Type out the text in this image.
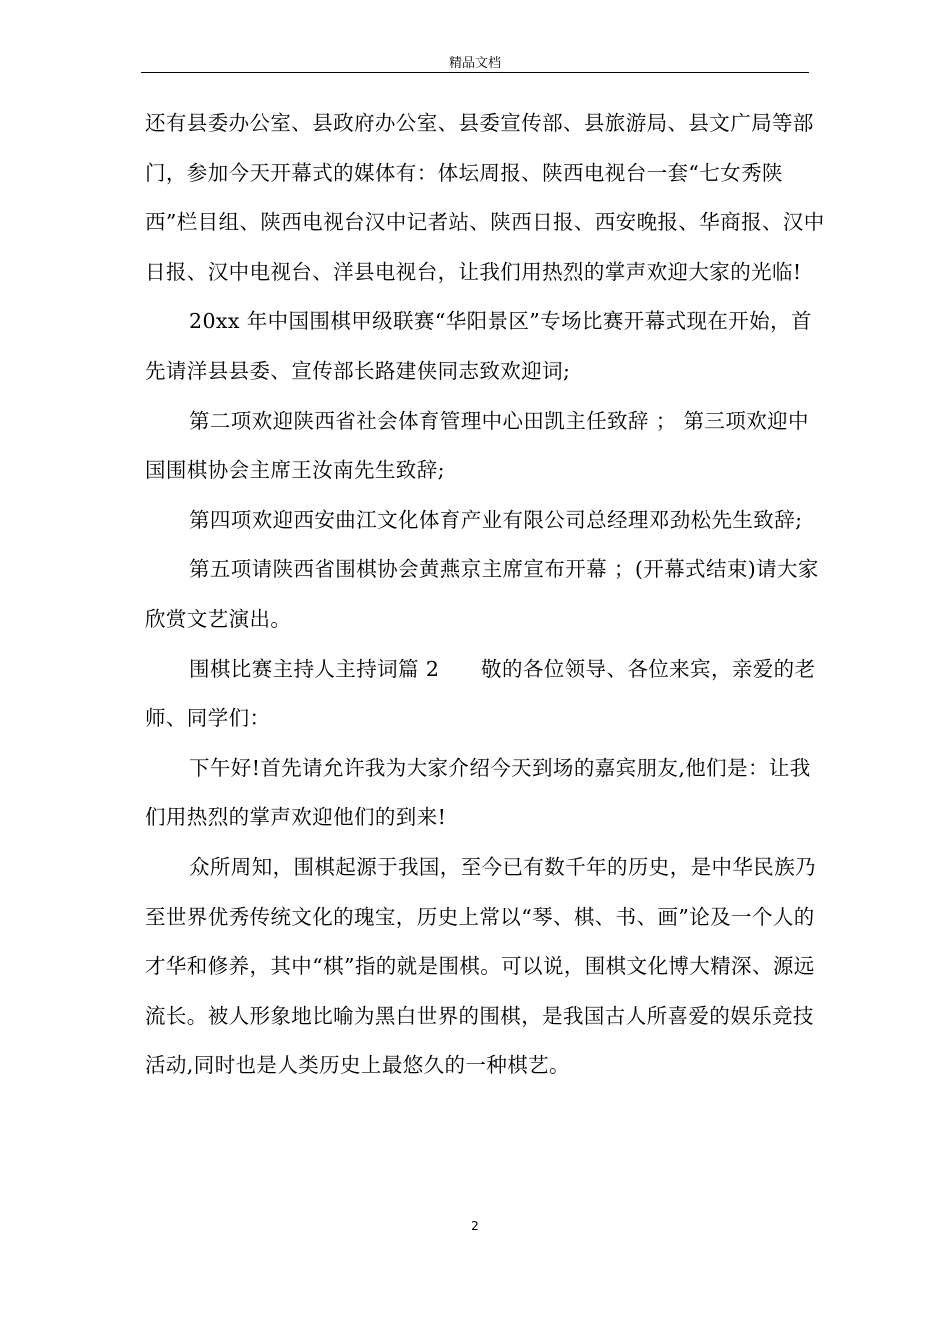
精品文档

还有县委办公室、县政府办公室、县委宣传部、县旅游局、县文广局等部门，参加今天开幕式的媒体有：体坛周报、陕西电视台一套“七女秀陕西”栏目组、陕西电视台汉中记者站、陕西日报、西安晚报、华商报、汉中日报、汉中电视台、洋县电视台，让我们用热烈的掌声欢迎大家的光临!

20xx 年中国围棋甲级联赛“华阳景区”专场比赛开幕式现在开始，首先请洋县县委、宣传部长路建侠同志致欢迎词;

第二项欢迎陕西省社会体育管理中心田凯主任致辞 ； 第三项欢迎中国围棋协会主席王汝南先生致辞;

第四项欢迎西安曲江文化体育产业有限公司总经理邓劲松先生致辞;

第五项请陕西省围棋协会黄燕京主席宣布开幕 ；(开幕式结束)请大家欣赏文艺演出。

围棋比赛主持人主持词篇 2　　敬的各位领导、各位来宾，亲爱的老师、同学们：

下午好!首先请允许我为大家介绍今天到场的嘉宾朋友,他们是：让我们用热烈的掌声欢迎他们的到来!

众所周知，围棋起源于我国，至今已有数千年的历史，是中华民族乃至世界优秀传统文化的瑰宝，历史上常以“琴、棋、书、画”论及一个人的才华和修养，其中“棋”指的就是围棋。可以说，围棋文化博大精深、源远流长。被人形象地比喻为黑白世界的围棋，是我国古人所喜爱的娱乐竞技活动,同时也是人类历史上最悠久的一种棋艺。

2
